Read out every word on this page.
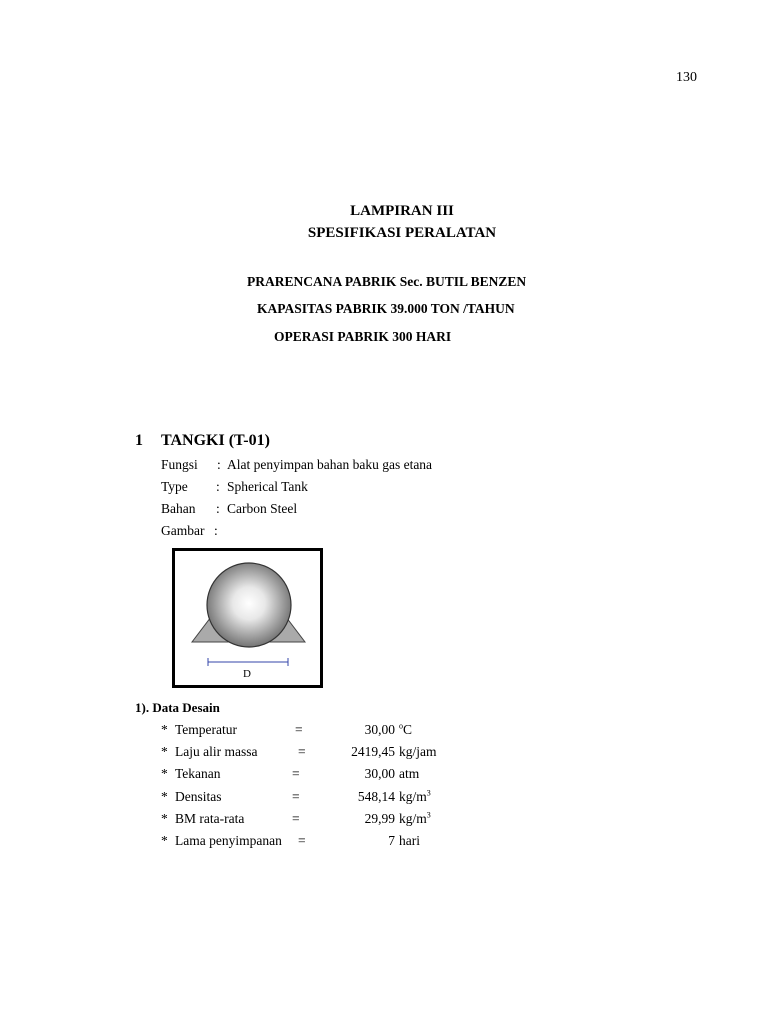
130
LAMPIRAN III
SPESIFIKASI PERALATAN
PRARENCANA PABRIK Sec. BUTIL BENZEN
KAPASITAS PABRIK 39.000 TON /TAHUN
OPERASI PABRIK 300 HARI
1 TANGKI (T-01)
Fungsi : Alat penyimpan bahan baku gas etana
Type : Spherical Tank
Bahan : Carbon Steel
Gambar :
D
1). Data Desain
* Temperatur	=	30,00 $^o$C
* Laju alir massa	=	2419,45 kg/jam
* Tekanan	=	30,00 atm
* Densitas	=	548,14 $kg/m^3$
* BM rata-rata	=	29,99 $kg/m^3$
* Lama penyimpanan =	7 hari
